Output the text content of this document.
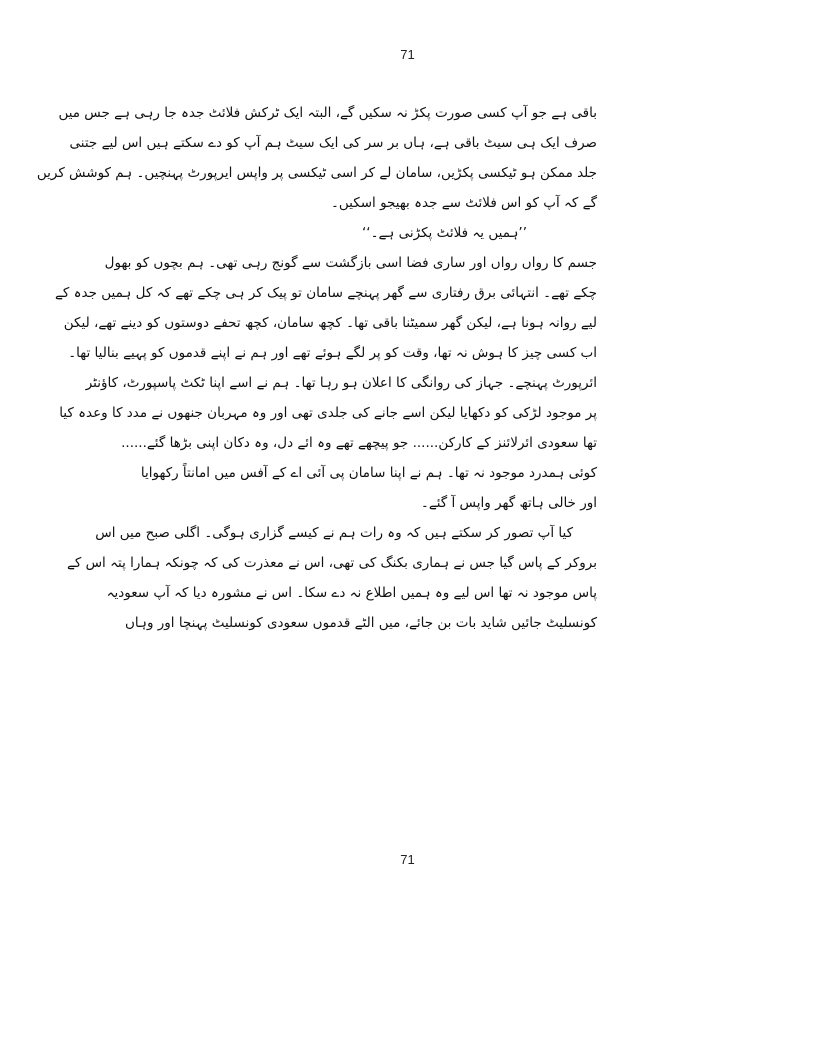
71
باقی ہے جو آپ کسی صورت پکڑ نہ سکیں گے، البتہ ایک ٹرکش فلائٹ جدہ جا رہی ہے جس میں
صرف ایک ہی سیٹ باقی ہے، ہاں بر سر کی ایک سیٹ ہم آپ کو دے سکتے ہیں اس لیے جتنی
جلد ممکن ہو ٹیکسی پکڑیں، سامان لے کر اسی ٹیکسی پر واپس ایرپورٹ پہنچیں۔ ہم کوشش کریں
گے کہ آپ کو اس فلائٹ سے جدہ بھیجو اسکیں۔
’’ہمیں یہ فلائٹ پکڑنی ہے۔‘‘
جسم کا رواں رواں اور ساری فضا اسی بازگشت سے گونج رہی تھی۔ ہم بچوں کو بھول
چکے تھے۔ انتہائی برق رفتاری سے گھر پہنچے سامان تو پیک کر ہی چکے تھے کہ کل ہمیں جدہ کے
لیے روانہ ہونا ہے، لیکن گھر سمیٹنا باقی تھا۔ کچھ سامان، کچھ تحفے دوستوں کو دینے تھے، لیکن
اب کسی چیز کا ہوش نہ تھا، وقت کو پر لگے ہوئے تھے اور ہم نے اپنے قدموں کو پہیے بنالیا تھا۔
ائرپورٹ پہنچے۔ جہاز کی روانگی کا اعلان ہو رہا تھا۔ ہم نے اسے اپنا ٹکٹ پاسپورٹ، کاؤنٹر
پر موجود لڑکی کو دکھایا لیکن اسے جانے کی جلدی تھی اور وہ مہربان جنھوں نے مدد کا وعدہ کیا
تھا سعودی ائرلائنز کے کارکن...... جو پیچھے تھے وہ ائے دل، وہ دکان اپنی بڑھا گئے......
کوئی ہمدرد موجود نہ تھا۔ ہم نے اپنا سامان پی آئی اے کے آفس میں امانتاً رکھوایا
اور خالی ہاتھ گھر واپس آ گئے۔
کیا آپ تصور کر سکتے ہیں کہ وہ رات ہم نے کیسے گزاری ہوگی۔ اگلی صبح میں اس
بروکر کے پاس گیا جس نے ہماری بکنگ کی تھی، اس نے معذرت کی کہ چونکہ ہمارا پتہ اس کے
پاس موجود نہ تھا اس لیے وہ ہمیں اطلاع نہ دے سکا۔ اس نے مشورہ دیا کہ آپ سعودیہ
کونسلیٹ جائیں شاید بات بن جائے، میں الٹے قدموں سعودی کونسلیٹ پہنچا اور وہاں
71
